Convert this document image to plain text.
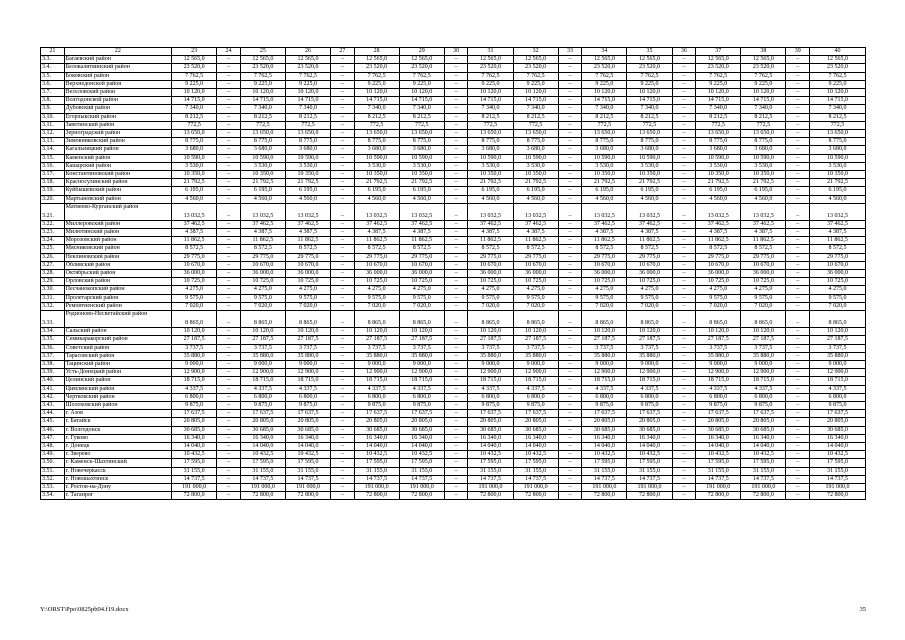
21	22	23	24	25	26	27	28	29	30	31	32	33	34	35	36	37	38	39	40
3.3.	Багаевский район	12 565,0	–	12 565,0	12 565,0	–	12 565,0	12 565,0	–	12 565,0	12 565,0	–	12 565,0	12 565,0	–	12 565,0	12 565,0	–	12 565,0
3.4.	Белокалитвинский район	23 520,0	–	23 520,0	23 520,0	–	23 520,0	23 520,0	–	23 520,0	23 520,0	–	23 520,0	23 520,0	–	23 520,0	23 520,0	–	23 520,0
3.5.	Боковский район	7 762,5	–	7 762,5	7 762,5	–	7 762,5	7 762,5	–	7 762,5	7 762,5	–	7 762,5	7 762,5	–	7 762,5	7 762,5	–	7 762,5
3.6.	Верхнедонской район	9 225,0	–	9 225,0	9 225,0	–	9 225,0	9 225,0	–	9 225,0	9 225,0	–	9 225,0	9 225,0	–	9 225,0	9 225,0	–	9 225,0
3.7.	Веселовский район	10 120,0	–	10 120,0	10 120,0	–	10 120,0	10 120,0	–	10 120,0	10 120,0	–	10 120,0	10 120,0	–	10 120,0	10 120,0	–	10 120,0
3.8.	Волгодонской район	14 715,0	–	14 715,0	14 715,0	–	14 715,0	14 715,0	–	14 715,0	14 715,0	–	14 715,0	14 715,0	–	14 715,0	14 715,0	–	14 715,0
3.9.	Дубовский район	7 340,0	–	7 340,0	7 340,0	–	7 340,0	7 340,0	–	7 340,0	7 340,0	–	7 340,0	7 340,0	–	7 340,0	7 340,0	–	7 340,0
3.10.	Егорлыкский район	8 212,5	–	8 212,5	8 212,5	–	8 212,5	8 212,5	–	8 212,5	8 212,5	–	8 212,5	8 212,5	–	8 212,5	8 212,5	–	8 212,5
3.11.	Заветинский район	772,5	–	772,5	772,5	–	772,5	772,5	–	772,5	772,5	–	772,5	772,5	–	772,5	772,5	–	772,5
3.12.	Зерноградский район	13 650,0	–	13 650,0	13 650,0	–	13 650,0	13 650,0	–	13 650,0	13 650,0	–	13 650,0	13 650,0	–	13 650,0	13 650,0	–	13 650,0
3.13.	Зимовниковский район	8 775,0	–	8 775,0	8 775,0	–	8 775,0	8 775,0	–	8 775,0	8 775,0	–	8 775,0	8 775,0	–	8 775,0	8 775,0	–	8 775,0
3.14.	Кагальницкий район	3 680,0	–	3 680,0	3 680,0	–	3 680,0	3 680,0	–	3 680,0	3 680,0	–	3 680,0	3 680,0	–	3 680,0	3 680,0	–	3 680,0
3.15.	Каменский район	10 590,0	–	10 590,0	10 590,0	–	10 590,0	10 590,0	–	10 590,0	10 590,0	–	10 590,0	10 590,0	–	10 590,0	10 590,0	–	10 590,0
3.16.	Кашарский район	3 530,0	–	3 530,0	3 530,0	–	3 530,0	3 530,0	–	3 530,0	3 530,0	–	3 530,0	3 530,0	–	3 530,0	3 530,0	–	3 530,0
3.17.	Константиновский район	10 350,0	–	10 350,0	10 350,0	–	10 350,0	10 350,0	–	10 350,0	10 350,0	–	10 350,0	10 350,0	–	10 350,0	10 350,0	–	10 350,0
3.18.	Красносулинский район	21 792,5	–	21 792,5	21 792,5	–	21 792,5	21 792,5	–	21 792,5	21 792,5	–	21 792,5	21 792,5	–	21 792,5	21 792,5	–	21 792,5
3.19.	Куйбышевский район	6 195,0	–	6 195,0	6 195,0	–	6 195,0	6 195,0	–	6 195,0	6 195,0	–	6 195,0	6 195,0	–	6 195,0	6 195,0	–	6 195,0
3.20.	Мартыновский район	4 560,0	–	4 560,0	4 560,0	–	4 560,0	4 560,0	–	4 560,0	4 560,0	–	4 560,0	4 560,0	–	4 560,0	4 560,0	–	4 560,0
3.21.	Матвеево-Курганский район	13 032,5	–	13 032,5	13 032,5	–	13 032,5	13 032,5	–	13 032,5	13 032,5	–	13 032,5	13 032,5	–	13 032,5	13 032,5	–	13 032,5
3.22.	Миллеровский район	37 462,5	–	37 462,5	37 462,5	–	37 462,5	37 462,5	–	37 462,5	37 462,5	–	37 462,5	37 462,5	–	37 462,5	37 462,5	–	37 462,5
3.23.	Милютинский район	4 387,5	–	4 387,5	4 387,5	–	4 387,5	4 387,5	–	4 387,5	4 387,5	–	4 387,5	4 387,5	–	4 387,5	4 387,5	–	4 387,5
3.24.	Морозовский район	11 862,5	–	11 862,5	11 862,5	–	11 862,5	11 862,5	–	11 862,5	11 862,5	–	11 862,5	11 862,5	–	11 862,5	11 862,5	–	11 862,5
3.25.	Мясниковский район	8 572,5	–	8 572,5	8 572,5	–	8 572,5	8 572,5	–	8 572,5	8 572,5	–	8 572,5	8 572,5	–	8 572,5	8 572,5	–	8 572,5
3.26.	Неклиновский район	29 775,0	–	29 775,0	29 775,0	–	29 775,0	29 775,0	–	29 775,0	29 775,0	–	29 775,0	29 775,0	–	29 775,0	29 775,0	–	29 775,0
3.27.	Обливский район	10 670,0	–	10 670,0	10 670,0	–	10 670,0	10 670,0	–	10 670,0	10 670,0	–	10 670,0	10 670,0	–	10 670,0	10 670,0	–	10 670,0
3.28.	Октябрьский район	36 000,0	–	36 000,0	36 000,0	–	36 000,0	36 000,0	–	36 000,0	36 000,0	–	36 000,0	36 000,0	–	36 000,0	36 000,0	–	36 000,0
3.29.	Орловский район	10 725,0	–	10 725,0	10 725,0	–	10 725,0	10 725,0	–	10 725,0	10 725,0	–	10 725,0	10 725,0	–	10 725,0	10 725,0	–	10 725,0
3.30.	Песчанокопский район	4 275,0	–	4 275,0	4 275,0	–	4 275,0	4 275,0	–	4 275,0	4 275,0	–	4 275,0	4 275,0	–	4 275,0	4 275,0	–	4 275,0
3.31.	Пролетарский район	9 575,0	–	9 575,0	9 575,0	–	9 575,0	9 575,0	–	9 575,0	9 575,0	–	9 575,0	9 575,0	–	9 575,0	9 575,0	–	9 575,0
3.32.	Ремонтненский район	7 020,0	–	7 020,0	7 020,0	–	7 020,0	7 020,0	–	7 020,0	7 020,0	–	7 020,0	7 020,0	–	7 020,0	7 020,0	–	7 020,0
3.33.	Родионово-Несветайский район	8 865,0	–	8 865,0	8 865,0	–	8 865,0	8 865,0	–	8 865,0	8 865,0	–	8 865,0	8 865,0	–	8 865,0	8 865,0	–	8 865,0
3.34.	Сальский район	10 120,0	–	10 120,0	10 120,0	–	10 120,0	10 120,0	–	10 120,0	10 120,0	–	10 120,0	10 120,0	–	10 120,0	10 120,0	–	10 120,0
3.35.	Семикаракорский район	27 187,5	–	27 187,5	27 187,5	–	27 187,5	27 187,5	–	27 187,5	27 187,5	–	27 187,5	27 187,5	–	27 187,5	27 187,5	–	27 187,5
3.36.	Советский район	3 737,5	–	3 737,5	3 737,5	–	3 737,5	3 737,5	–	3 737,5	3 737,5	–	3 737,5	3 737,5	–	3 737,5	3 737,5	–	3 737,5
3.37.	Тарасовский район	35 880,0	–	35 880,0	35 880,0	–	35 880,0	35 880,0	–	35 880,0	35 880,0	–	35 880,0	35 880,0	–	35 880,0	35 880,0	–	35 880,0
3.38.	Тацинский район	9 000,0	–	9 000,0	9 000,0	–	9 000,0	9 000,0	–	9 000,0	9 000,0	–	9 000,0	9 000,0	–	9 000,0	9 000,0	–	9 000,0
3.39.	Усть-Донецкий район	12 900,0	–	12 900,0	12 900,0	–	12 900,0	12 900,0	–	12 900,0	12 900,0	–	12 900,0	12 900,0	–	12 900,0	12 900,0	–	12 900,0
3.40.	Целинский район	18 715,0	–	18 715,0	18 715,0	–	18 715,0	18 715,0	–	18 715,0	18 715,0	–	18 715,0	18 715,0	–	18 715,0	18 715,0	–	18 715,0
3.41.	Цимлянский район	4 337,5	–	4 337,5	4 337,5	–	4 337,5	4 337,5	–	4 337,5	4 337,5	–	4 337,5	4 337,5	–	4 337,5	4 337,5	–	4 337,5
3.42.	Чертковский район	6 800,0	–	6 800,0	6 800,0	–	6 800,0	6 800,0	–	6 800,0	6 800,0	–	6 800,0	6 800,0	–	6 800,0	6 800,0	–	6 800,0
3.43.	Шолоховский район	9 875,0	–	9 875,0	9 875,0	–	9 875,0	9 875,0	–	9 875,0	9 875,0	–	9 875,0	9 875,0	–	9 875,0	9 875,0	–	9 875,0
3.44.	г. Азов	17 637,5	–	17 637,5	17 637,5	–	17 637,5	17 637,5	–	17 637,5	17 637,5	–	17 637,5	17 637,5	–	17 637,5	17 637,5	–	17 637,5
3.45.	г. Батайск	20 805,0	–	20 805,0	20 805,0	–	20 805,0	20 805,0	–	20 805,0	20 805,0	–	20 805,0	20 805,0	–	20 805,0	20 805,0	–	20 805,0
3.46.	г. Волгодонск	30 685,0	–	30 685,0	30 685,0	–	30 685,0	30 685,0	–	30 685,0	30 685,0	–	30 685,0	30 685,0	–	30 685,0	30 685,0	–	30 685,0
3.47.	г. Гуково	16 340,0	–	16 340,0	16 340,0	–	16 340,0	16 340,0	–	16 340,0	16 340,0	–	16 340,0	16 340,0	–	16 340,0	16 340,0	–	16 340,0
3.48.	г. Донецк	14 040,0	–	14 040,0	14 040,0	–	14 040,0	14 040,0	–	14 040,0	14 040,0	–	14 040,0	14 040,0	–	14 040,0	14 040,0	–	14 040,0
3.49.	г. Зверево	10 432,5	–	10 432,5	10 432,5	–	10 432,5	10 432,5	–	10 432,5	10 432,5	–	10 432,5	10 432,5	–	10 432,5	10 432,5	–	10 432,5
3.50.	г. Каменск-Шахтинский	17 595,0	–	17 595,0	17 595,0	–	17 595,0	17 595,0	–	17 595,0	17 595,0	–	17 595,0	17 595,0	–	17 595,0	17 595,0	–	17 595,0
3.51.	г. Новочеркасск	31 155,0	–	31 155,0	31 155,0	–	31 155,0	31 155,0	–	31 155,0	31 155,0	–	31 155,0	31 155,0	–	31 155,0	31 155,0	–	31 155,0
3.52.	г. Новошахтинск	14 737,5	–	14 737,5	14 737,5	–	14 737,5	14 737,5	–	14 737,5	14 737,5	–	14 737,5	14 737,5	–	14 737,5	14 737,5	–	14 737,5
3.53.	г. Ростов-на-Дону	191 000,0	–	191 000,0	191 000,0	–	191 000,0	191 000,0	–	191 000,0	191 000,0	–	191 000,0	191 000,0	–	191 000,0	191 000,0	–	191 000,0
3.54.	г. Таганрог	72 800,0	–	72 800,0	72 800,0	–	72 800,0	72 800,0	–	72 800,0	72 800,0	–	72 800,0	72 800,0	–	72 800,0	72 800,0	–	72 800,0
Y:\ORST\Ppo\0825pb04.f19.docx	35
